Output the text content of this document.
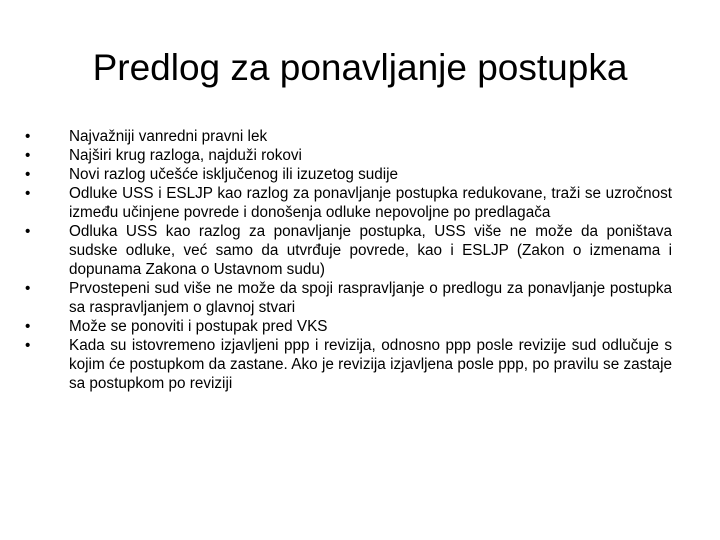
Predlog za ponavljanje postupka
•	Najvažniji vanredni pravni lek
•	Najširi krug razloga, najduži rokovi
•	Novi razlog učešće isključenog ili izuzetog sudije
•	Odluke USS i ESLJP kao razlog za ponavljanje postupka redukovane, traži se uzročnost između učinjene povrede i donošenja odluke nepovoljne po predlagača
•	Odluka USS kao razlog za ponavljanje postupka, USS više ne može da poništava sudske odluke, već samo da utvrđuje povrede, kao i ESLJP (Zakon o izmenama i dopunama Zakona o Ustavnom sudu)
•	Prvostepeni sud više ne može da spoji raspravljanje o predlogu za ponavljanje postupka sa raspravljanjem o glavnoj stvari
•	Može se ponoviti i postupak pred VKS
•	Kada su istovremeno izjavljeni ppp i revizija, odnosno ppp posle revizije sud odlučuje s kojim će postupkom da zastane. Ako je revizija izjavljena posle ppp, po pravilu se zastaje sa postupkom po reviziji
